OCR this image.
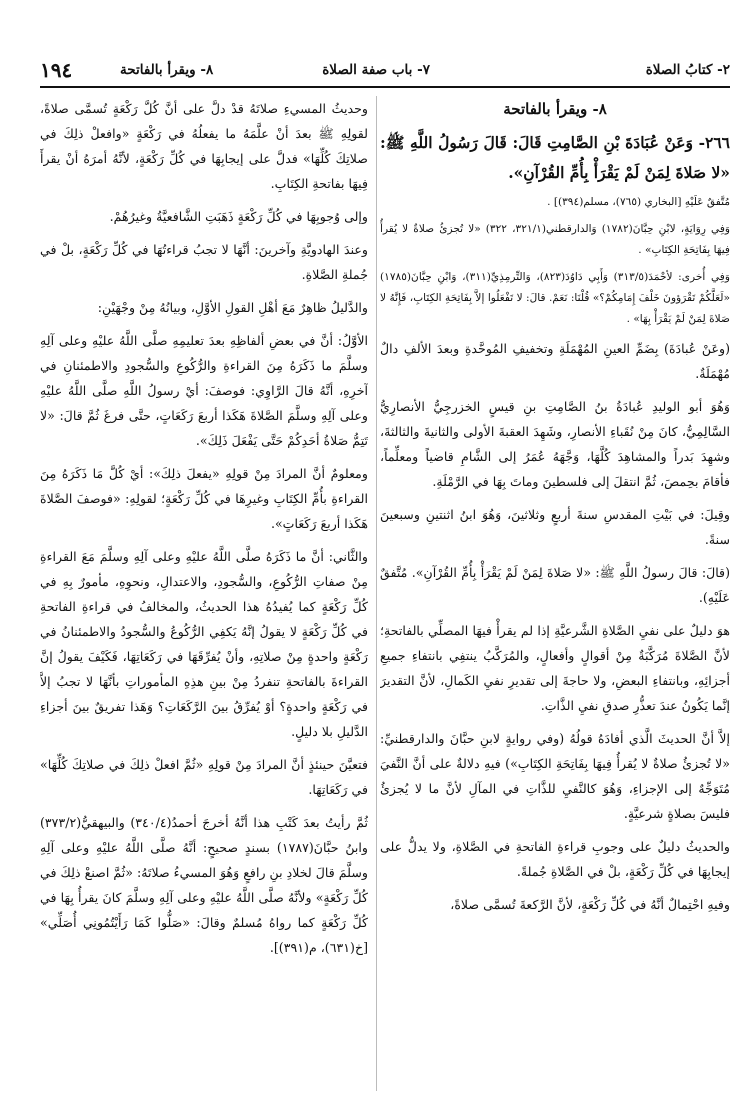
٢- كتابُ الصلاة
٧- باب صفة الصلاة
٨- ويقرأ بالفاتحة
١٩٤
٨- ويقرأ بالفاتحة

٢٦٦- وَعَنْ عُبَادَةَ بْنِ الصَّامِتِ قَالَ: قَالَ رَسُولُ اللَّهِ ﷺ: «لا صَلاةَ لِمَنْ لَمْ يَقْرَأْ بِأُمِّ القُرْآنِ».

مُتَّفقٌ عَلَيْهِ [البخاري (٧٦٥)، مسلم(٣٩٤)] .

وَفِي رِوَايَةٍ، لابْنِ حِبَّانَ(١٧٨٢) وَالدارقطني(٣٢١/١، ٣٢٢) «لا تُجزئُ صلاةٌ لا يُقرأُ فِيهَا بِفَاتِحَةِ الكِتَابِ» .

وَفِي أُخرى: لأحْمَدَ(٣١٣/٥) وَأَبِي دَاوُدَ(٨٢٣)، وَالتِّرمِذِيِّ(٣١١)، وَابْنِ حِبَّانَ(١٧٨٥) «لَعَلَّكُمْ تَقْرَؤونَ خَلْفَ إِمَامِكُمْ؟» قُلْنَا: نَعَمْ. قالَ: لا تَفْعَلُوا إلاَّ بِفَاتِحَةِ الكِتَابِ، فَإِنَّهُ لا صَلاةَ لِمَنْ لَمْ يَقْرَأْ بِهَا» .

(وعَنْ عُبادَةَ) بِضَمِّ العينِ المُهْمَلَةِ وتخفيفِ المُوحَّدةِ وبعدَ الألفِ دالٌ مُهْمَلَةٌ.

وَهُوَ أبو الوليدِ عُبادَةُ بنُ الصَّامِتِ بنِ قيسٍ الخزرجِيُّ الأنصارِيُّ السَّالِمِيُّ، كانَ مِنْ نُقَباءِ الأنصارِ، وشَهِدَ العقبةَ الأولى والثانيةَ والثالثةَ، وشهِدَ بَدراً والمشاهِدَ كُلَّهَا، وَجَّهَهُ عُمَرُ إلى الشَّامِ قاضياً ومعلِّماً، فأقامَ بحِمصَ، ثُمَّ انتقلَ إلى فلسطينَ وماتَ بِهَا في الرَّمْلَةِ.

وقِيلَ: في بَيْتِ المقدسِ سنةَ أربعٍ وثلاثينَ، وَهُوَ ابنُ اثنتينِ وسبعينَ سنةً.

(قالَ: قالَ رسولُ اللَّهِ ﷺ: «لا صَلاةَ لِمَنْ لَمْ يَقْرَأْ بِأُمِّ القُرْآنِ». مُتَّفقٌ عَلَيْهِ).

هوَ دليلٌ على نفيِ الصَّلاةِ الشَّرعيَّةِ إذا لم يقرأْ فيهَا المصلِّي بالفاتحةِ؛ لأنَّ الصَّلاةَ مُرَكَّبَةٌ مِنْ أقوالٍ وأفعالٍ، والمُرَكَّبُ ينتفِي بانتفاءِ جميعِ أجزائِهِ، وبانتفاءِ البعضِ، ولا حاجةَ إلى تقديرِ نفيِ الكَمالِ، لأنَّ التقديرَ إنَّما يَكُونُ عندَ تعذُّرِ صدقِ نفيِ الذَّاتِ.

إلاَّ أنَّ الحديثَ الَّذي أفادَهُ قولُهُ (وفي روايةٍ لابنِ حبَّانَ والدارقطنيِّ: «لا تُجزئُ صلاةٌ لا يُقرأُ فِيهَا بِفَاتِحَةِ الكِتَابِ») فيهِ دلالةٌ على أنَّ النَّفيَ مُتَوَجِّهٌ إلى الإجزاءِ، وَهُوَ كالنَّفيِ للذَّاتِ في المآلِ لأنَّ ما لا يُجزئُ فليسَ بصلاةٍ شرعيَّةٍ.

والحديثُ دليلٌ على وجوبِ قراءةِ الفاتحةِ في الصَّلاةِ، ولا يدلُّ على إيجابِهَا في كُلِّ رَكْعَةٍ، بلْ في الصَّلاةِ جُملةً.

وفيهِ احْتِمالٌ أنَّهُ في كُلِّ رَكْعَةٍ، لأنَّ الرَّكعةَ تُسمَّى صلاةً،

وحديثُ المسيءِ صلاتَهُ قدْ دلَّ على أنَّ كُلَّ رَكْعَةٍ تُسمَّى صلاةً، لقولِهِ ﷺ بعدَ أنْ علَّمَهُ ما يفعلُهُ في رَكْعَةٍ «وافعلْ ذلِكَ في صلاتِكَ كُلِّهَا» فدلَّ على إيجابِهَا في كُلِّ رَكْعَةٍ، لأنَّهُ أمرَهُ أنْ يقرأَ فِيهَا بفاتحةِ الكِتَابِ.

وإلى وُجوبِهَا في كُلِّ رَكْعَةٍ ذَهَبَتِ الشَّافعيَّةُ وغيرُهُمْ.

وعندَ الهادويَّةِ وآخرينَ: أنَّهَا لا تجبُ قراءتُهَا في كُلِّ رَكْعَةٍ، بلْ في جُملةِ الصَّلاةِ.

والدَّليلُ ظاهِرٌ مَعَ أهْلِ القولِ الأوَّلِ، وبيانُهُ مِنْ وجْهَيْنِ:

الأوَّلُ: أنَّ في بعضِ ألفاظِهِ بعدَ تعليمِهِ صلَّى اللَّهُ عليْهِ وعلى آلِهِ وسلَّمَ ما ذَكَرَهُ مِنَ القراءةِ والرُّكُوعِ والسُّجودِ والاطمئنانِ في آخرِهِ، أنَّهُ قالَ الرَّاوِي: فوصفَ: أيْ رسولُ اللَّهِ صلَّى اللَّهُ عليْهِ وعلى آلِهِ وسلَّمَ الصَّلاةَ هَكَذا أربعَ رَكَعَاتٍ، حتَّى فرغَ ثُمَّ قالَ: «لا تَتِمُّ صَلاةُ أحَدِكُمْ حَتَّى يَفْعَلَ ذَلِكَ».

ومعلومٌ أنَّ المرادَ مِنْ قولِهِ «يفعلَ ذلِكَ»: أيْ كُلَّ مَا ذَكَرَهُ مِنَ القراءةِ بأُمِّ الكِتَابِ وغيرِهَا في كُلِّ رَكْعَةٍ؛ لقولِهِ: «فوصفَ الصَّلاةَ هَكَذا أربعَ رَكَعَاتٍ».

والثَّاني: أنَّ ما ذَكَرَهُ صلَّى اللَّهُ عليْهِ وعلى آلِهِ وسلَّمَ مَعَ القراءةِ مِنْ صفاتِ الرُّكُوعِ، والسُّجودِ، والاعتدالِ، ونحوِهِ، مأمورٌ بِهِ في كُلِّ رَكْعَةٍ كما يُفيدُهُ هذا الحديثُ، والمخالفُ في قراءةِ الفاتحةِ في كُلِّ رَكْعَةٍ لا يقولُ إنَّهُ يَكفِي الرُّكُوعُ والسُّجودُ والاطمئنانُ في رَكْعَةٍ واحدةٍ مِنْ صلاتِهِ، وأنْ يُفرِّقَهَا في رَكَعَاتِهَا، فَكَيْفَ يقولُ إنَّ القراءةَ بالفاتحةِ تنفردُ مِنْ بينِ هذِهِ المأموراتِ بأنَّهَا لا تجبُ إلاَّ في رَكْعَةٍ واحدةٍ؟ أوْ يُفرِّقُ بينَ الرَّكَعَاتِ؟ وَهَذا تفريقٌ بينَ أجزاءِ الدَّليلِ بلا دليلٍ.

فتعيَّنَ حينئذٍ أنَّ المرادَ مِنْ قولِهِ «ثُمَّ افعلْ ذلِكَ في صلاتِكَ كُلِّهَا» في رَكَعَاتِهَا.

ثُمَّ رأيتُ بعدَ كَتْبِ هذا أنَّهُ أخرجَ أحمدُ(٣٤٠/٤) والبيهقيُّ(٣٧٣/٢) وابنُ حبَّانَ(١٧٨٧) بسندٍ صحيحٍ: أنَّهُ صلَّى اللَّهُ عليْهِ وعلى آلِهِ وسلَّمَ قالَ لخلادِ بنِ رافعٍ وَهُوَ المسيءُ صلاتَهُ: «ثُمَّ اصنعْ ذلِكَ في كُلِّ رَكْعَةٍ» ولأنَّهُ صلَّى اللَّهُ عليْهِ وعلى آلِهِ وسلَّمَ كانَ يقرأُ بِهَا في كُلِّ رَكْعَةٍ كما رواهُ مُسلمٌ وقالَ: «صَلُّوا كَمَا رَأَيْتُمُونِي أُصَلِّي» [خ(٦٣١)، م(٣٩١)].
